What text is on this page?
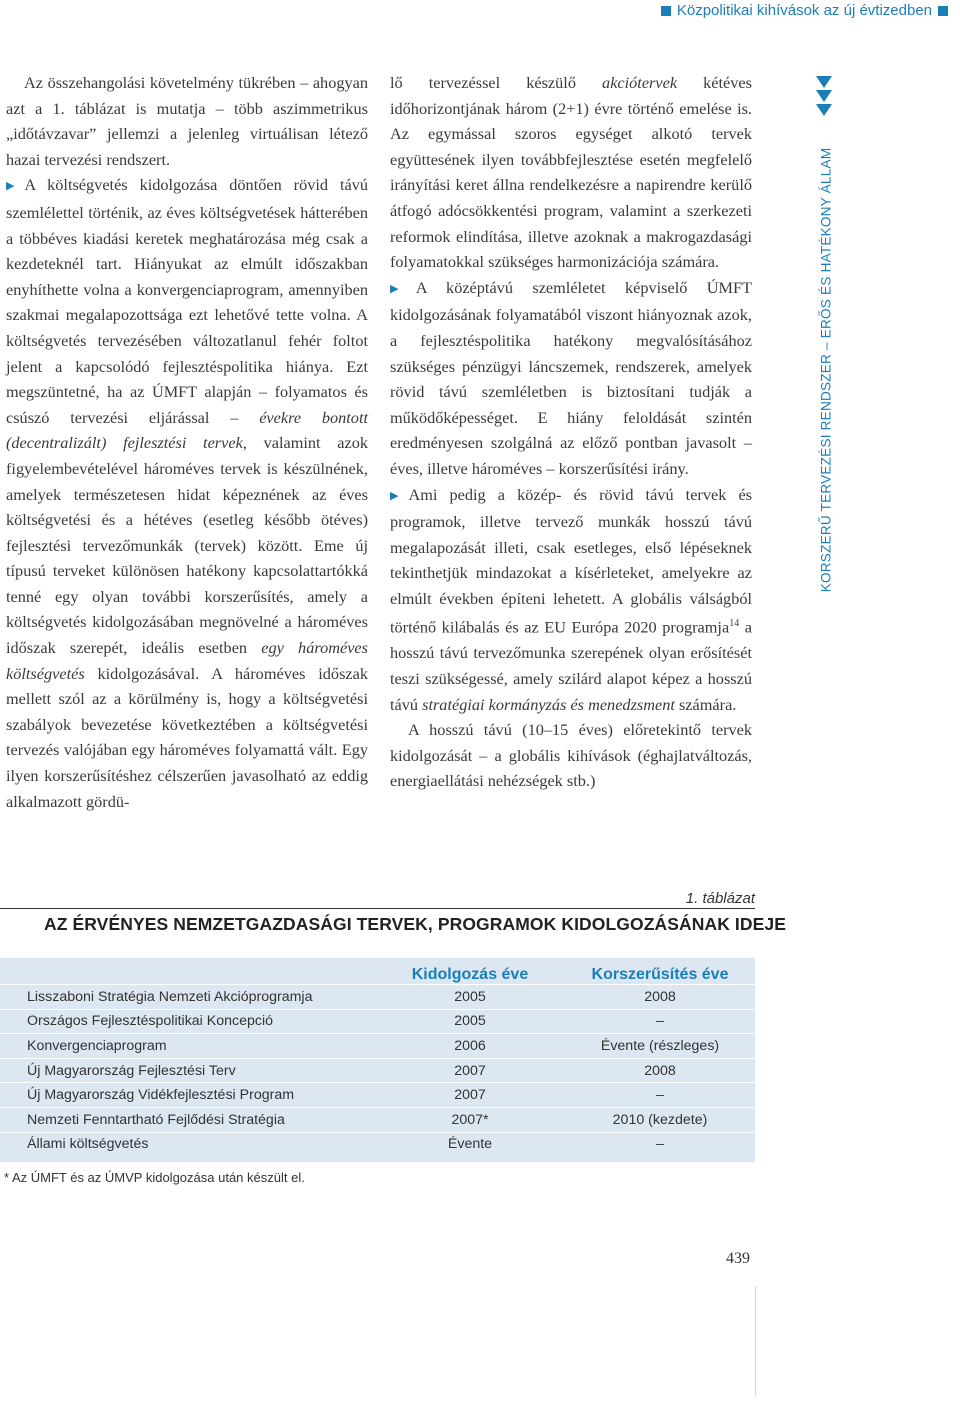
Közpolitikai kihívások az új évtizedben

Az összehangolási követelmény tükrében – ahogyan azt a 1. táblázat is mutatja – több aszimmetrikus „időtávzavar” jellemzi a jelenleg virtuálisan létező hazai tervezési rendszert.

▶ A költségvetés kidolgozása döntően rövid távú szemlélettel történik, az éves költségvetések hátterében a többéves kiadási keretek meghatározása még csak a kezdeteknél tart. Hiányukat az elmúlt időszakban enyhíthette volna a konvergenciaprogram, amennyiben szakmai megalapozottsága ezt lehetővé tette volna. A költségvetés tervezésében változatlanul fehér foltot jelent a kapcsolódó fejlesztéspolitika hiánya. Ezt megszüntetné, ha az ÚMFT alapján – folyamatos és csúszó tervezési eljárással – évekre bontott (decentralizált) fejlesztési tervek, valamint azok figyelembevételével hároméves tervek is készülnének, amelyek természetesen hidat képeznének az éves költségvetési és a hétéves (esetleg később ötéves) fejlesztési tervezőmunkák (tervek) között. Eme új típusú terveket különösen hatékony kapcsolattartókká tenné egy olyan további korszerűsítés, amely a költségvetés kidolgozásában megnövelné a hároméves időszak szerepét, ideális esetben egy hároméves költségvetés kidolgozásával. A hároméves időszak mellett szól az a körülmény is, hogy a költségvetési szabályok bevezetése következtében a költségvetési tervezés valójában egy hároméves folyamattá vált. Egy ilyen korszerűsítéshez célszerűen javasolható az eddig alkalmazott gördü-

lő tervezéssel készülő akciótervek kétéves időhorizontjának három (2+1) évre történő emelése is. Az egymással szoros egységet alkotó tervek együttesének ilyen továbbfejlesztése esetén megfelelő irányítási keret állna rendelkezésre a napirendre kerülő átfogó adócsökkentési program, valamint a szerkezeti reformok elindítása, illetve azoknak a makrogazdasági folyamatokkal szükséges harmonizációja számára.

▶ A középtávú szemléletet képviselő ÚMFT kidolgozásának folyamatából viszont hiányoznak azok, a fejlesztéspolitika hatékony megvalósításához szükséges pénzügyi láncszemek, rendszerek, amelyek rövid távú szemléletben is biztosítani tudják a működőképességet. E hiány feloldását szintén eredményesen szolgálná az előző pontban javasolt – éves, illetve hároméves – korszerűsítési irány.

▶ Ami pedig a közép- és rövid távú tervek és programok, illetve tervező munkák hosszú távú megalapozását illeti, csak esetleges, első lépéseknek tekinthetjük mindazokat a kísérleteket, amelyekre az elmúlt években építeni lehetett. A globális válságból történő kilábalás és az EU Európa 2020 programja$^{14}$ a hosszú távú tervezőmunka szerepének olyan erősítését teszi szükségessé, amely szilárd alapot képez a hosszú távú stratégiai kormányzás és menedzsment számára.

A hosszú távú (10–15 éves) előretekintő tervek kidolgozását – a globális kihívások (éghajlatváltozás, energiaellátási nehézségek stb.)

KORSZERŰ TERVEZÉSI RENDSZER – ERŐS ÉS HATÉKONY ÁLLAM
1. táblázat
AZ ÉRVÉNYES NEMZETGAZDASÁGI TERVEK, PROGRAMOK KIDOLGOZÁSÁNAK IDEJE
	Kidolgozás éve	Korszerűsítés éve
Lisszaboni Stratégia Nemzeti Akcióprogramja	2005	2008
Országos Fejlesztéspolitikai Koncepció	2005	–
Konvergenciaprogram	2006	Évente (részleges)
Új Magyarország Fejlesztési Terv	2007	2008
Új Magyarország Vidékfejlesztési Program	2007	–
Nemzeti Fenntartható Fejlődési Stratégia	2007*	2010 (kezdete)
Állami költségvetés	Évente	–
* Az ÚMFT és az ÚMVP kidolgozása után készült el.
439
